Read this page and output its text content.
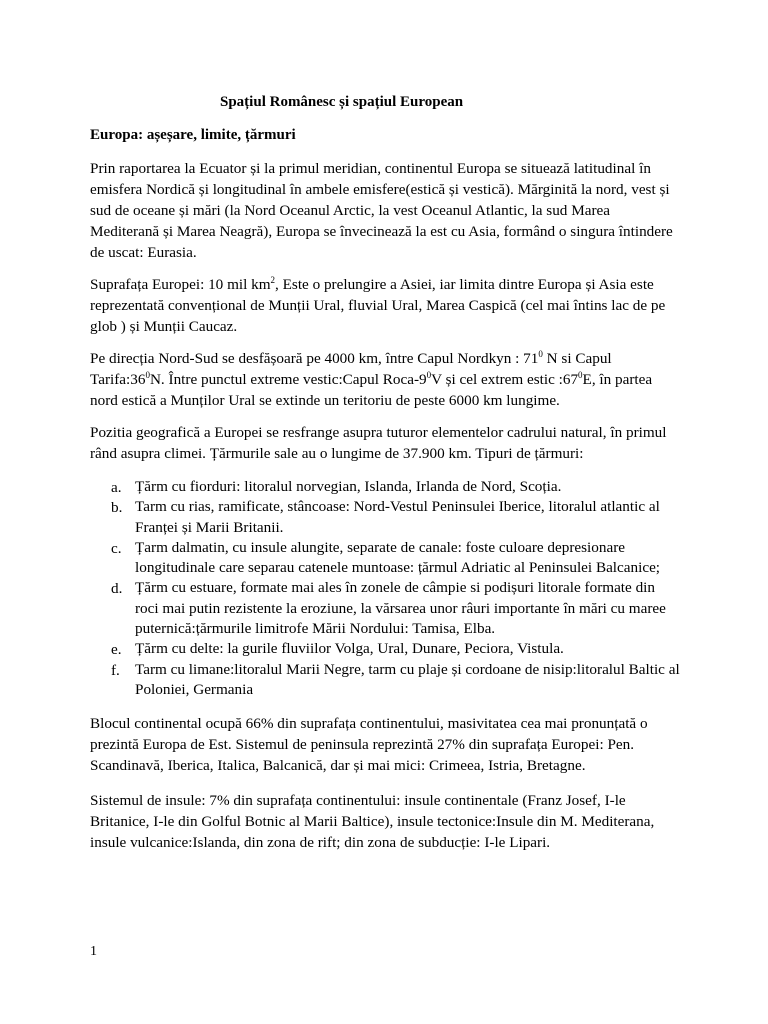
Spațiul Românesc și spațiul European
Europa: așeșare, limite, țărmuri
Prin raportarea la Ecuator și la primul meridian, continentul Europa se situează latitudinal în
emisfera Nordică și longitudinal în ambele emisfere(estică și vestică). Mărginită la nord, vest și
sud de oceane și mări (la Nord Oceanul Arctic, la vest Oceanul Atlantic, la sud Marea
Mediterană și Marea Neagră), Europa se învecinează la est cu Asia, formând o singura întindere
de uscat: Eurasia.
Suprafața Europei: 10 mil $km^2$, Este o prelungire a Asiei, iar limita dintre Europa și Asia este
reprezentată convențional de Munții Ural, fluvial Ural, Marea Caspică (cel mai întins lac de pe
glob ) și Munții Caucaz.
Pe direcția Nord-Sud se desfășoară pe 4000 km, între Capul Nordkyn : $71^0$ N si Capul
$Tarifa:36^0N$. Între punctul extreme vestic:Capul Roca-$9^0V$ și cel extrem estic $:67^0E$, în partea
nord estică a Munților Ural se extinde un teritoriu de peste 6000 km lungime.
Pozitia geografică a Europei se resfrange asupra tuturor elementelor cadrului natural, în primul
rând asupra climei. Țărmurile sale au o lungime de 37.900 km. Tipuri de țărmuri:
a. Țărm cu fiorduri: litoralul norvegian, Islanda, Irlanda de Nord, Scoția.
b. Tarm cu rias, ramificate, stâncoase: Nord-Vestul Peninsulei Iberice, litoralul atlantic al
Franței și Marii Britanii.
c. Țarm dalmatin, cu insule alungite, separate de canale: foste culoare depresionare
longitudinale care separau catenele muntoase: țărmul Adriatic al Peninsulei Balcanice;
d. Țărm cu estuare, formate mai ales în zonele de câmpie si podișuri litorale formate din
roci mai putin rezistente la eroziune, la vărsarea unor râuri importante în mări cu maree
puternică:țărmurile limitrofe Mării Nordului: Tamisa, Elba.
e. Țărm cu delte: la gurile fluviilor Volga, Ural, Dunare, Peciora, Vistula.
f. Tarm cu limane:litoralul Marii Negre, tarm cu plaje și cordoane de nisip:litoralul Baltic al
Poloniei, Germania
Blocul continental ocupă 66% din suprafața continentului, masivitatea cea mai pronunțată o
prezintă Europa de Est. Sistemul de peninsula reprezintă 27% din suprafața Europei: Pen.
Scandinavă, Iberica, Italica, Balcanică, dar și mai mici: Crimeea, Istria, Bretagne.
Sistemul de insule: 7% din suprafața continentului: insule continentale (Franz Josef, I-le
Britanice, I-le din Golful Botnic al Marii Baltice), insule tectonice:Insule din M. Mediterana,
insule vulcanice:Islanda, din zona de rift; din zona de subducție: I-le Lipari.
1
